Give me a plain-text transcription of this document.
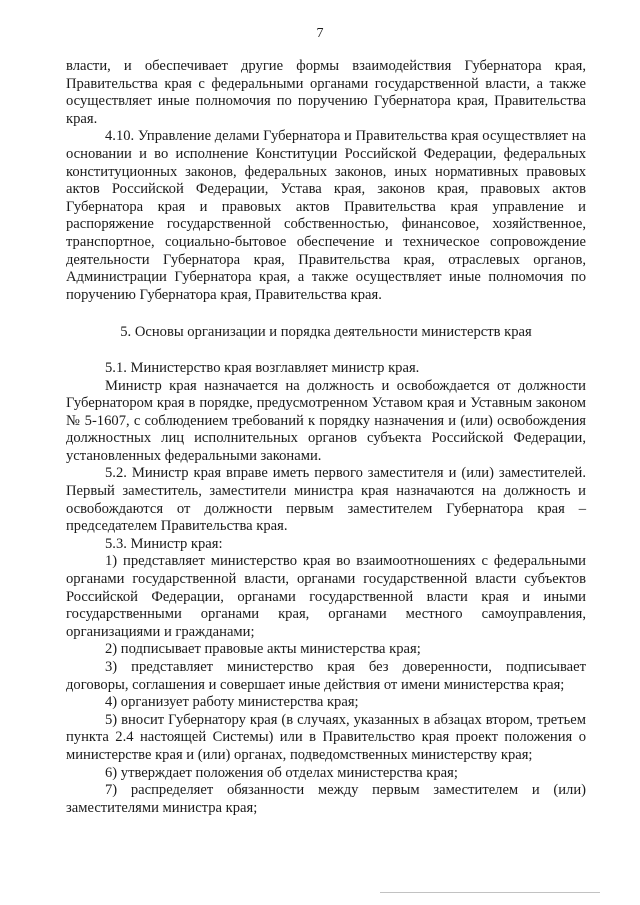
7

власти, и обеспечивает другие формы взаимодействия Губернатора края, Правительства края с федеральными органами государственной власти, а также осуществляет иные полномочия по поручению Губернатора края, Правительства края.

4.10. Управление делами Губернатора и Правительства края осуществляет на основании и во исполнение Конституции Российской Федерации, федеральных конституционных законов, федеральных законов, иных нормативных правовых актов Российской Федерации, Устава края, законов края, правовых актов Губернатора края и правовых актов Правительства края управление и распоряжение государственной собственностью, финансовое, хозяйственное, транспортное, социально-бытовое обеспечение и техническое сопровождение деятельности Губернатора края, Правительства края, отраслевых органов, Администрации Губернатора края, а также осуществляет иные полномочия по поручению Губернатора края, Правительства края.

5. Основы организации и порядка деятельности министерств края

5.1. Министерство края возглавляет министр края.

Министр края назначается на должность и освобождается от должности Губернатором края в порядке, предусмотренном Уставом края и Уставным законом № 5-1607, с соблюдением требований к порядку назначения и (или) освобождения должностных лиц исполнительных органов субъекта Российской Федерации, установленных федеральными законами.

5.2. Министр края вправе иметь первого заместителя и (или) заместителей. Первый заместитель, заместители министра края назначаются на должность и освобождаются от должности первым заместителем Губернатора края – председателем Правительства края.

5.3. Министр края:

1) представляет министерство края во взаимоотношениях с федеральными органами государственной власти, органами государственной власти субъектов Российской Федерации, органами государственной власти края и иными государственными органами края, органами местного самоуправления, организациями и гражданами;

2) подписывает правовые акты министерства края;

3) представляет министерство края без доверенности, подписывает договоры, соглашения и совершает иные действия от имени министерства края;

4) организует работу министерства края;

5) вносит Губернатору края (в случаях, указанных в абзацах втором, третьем пункта 2.4 настоящей Системы) или в Правительство края проект положения о министерстве края и (или) органах, подведомственных министерству края;

6) утверждает положения об отделах министерства края;

7) распределяет обязанности между первым заместителем и (или) заместителями министра края;
